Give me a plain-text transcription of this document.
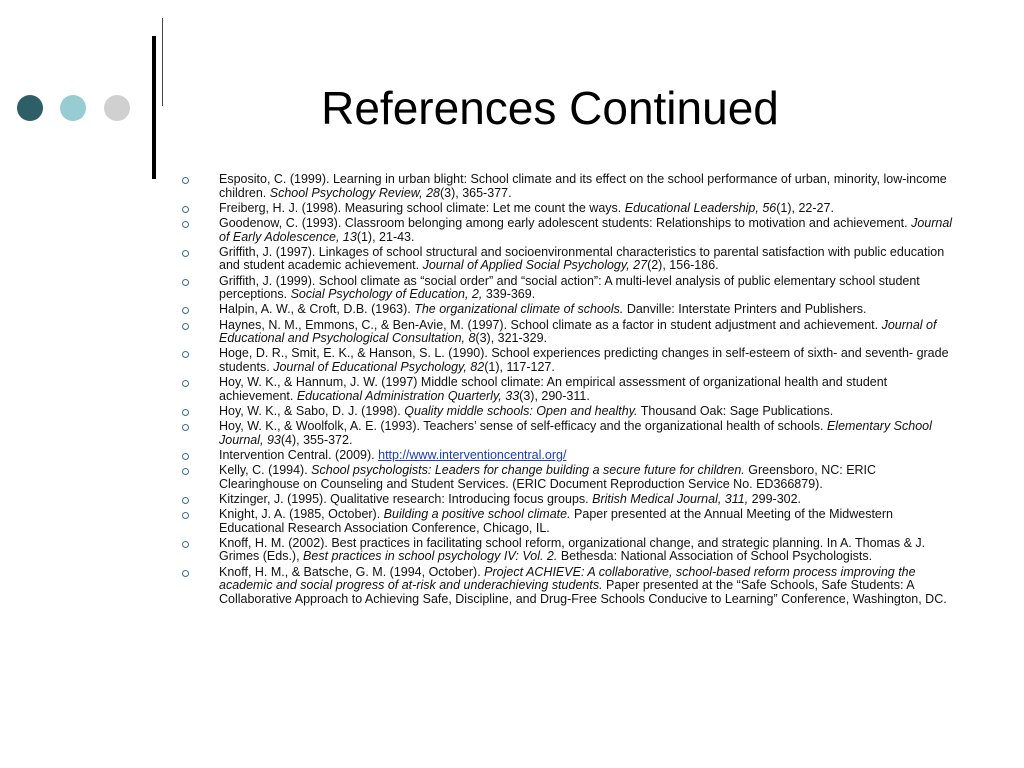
References Continued
Esposito, C. (1999). Learning in urban blight: School climate and its effect on the school performance of urban, minority, low-income children. School Psychology Review, 28(3), 365-377.
Freiberg, H. J. (1998). Measuring school climate: Let me count the ways. Educational Leadership, 56(1), 22-27.
Goodenow, C. (1993). Classroom belonging among early adolescent students: Relationships to motivation and achievement. Journal of Early Adolescence, 13(1), 21-43.
Griffith, J. (1997). Linkages of school structural and socioenvironmental characteristics to parental satisfaction with public education and student academic achievement. Journal of Applied Social Psychology, 27(2), 156-186.
Griffith, J. (1999). School climate as “social order” and “social action”: A multi-level analysis of public elementary school student perceptions. Social Psychology of Education, 2, 339-369.
Halpin, A. W., & Croft, D.B. (1963). The organizational climate of schools. Danville: Interstate Printers and Publishers.
Haynes, N. M., Emmons, C., & Ben-Avie, M. (1997). School climate as a factor in student adjustment and achievement. Journal of Educational and Psychological Consultation, 8(3), 321-329.
Hoge, D. R., Smit, E. K., & Hanson, S. L. (1990). School experiences predicting changes in self-esteem of sixth- and seventh- grade students. Journal of Educational Psychology, 82(1), 117-127.
Hoy, W. K., & Hannum, J. W. (1997) Middle school climate: An empirical assessment of organizational health and student achievement. Educational Administration Quarterly, 33(3), 290-311.
Hoy, W. K., & Sabo, D. J. (1998). Quality middle schools: Open and healthy. Thousand Oak: Sage Publications.
Hoy, W. K., & Woolfolk, A. E. (1993). Teachers’ sense of self-efficacy and the organizational health of schools. Elementary School Journal, 93(4), 355-372.
Intervention Central. (2009). http://www.interventioncentral.org/
Kelly, C. (1994). School psychologists: Leaders for change building a secure future for children. Greensboro, NC: ERIC Clearinghouse on Counseling and Student Services. (ERIC Document Reproduction Service No. ED366879).
Kitzinger, J. (1995). Qualitative research: Introducing focus groups. British Medical Journal, 311, 299-302.
Knight, J. A. (1985, October). Building a positive school climate. Paper presented at the Annual Meeting of the Midwestern Educational Research Association Conference, Chicago, IL.
Knoff, H. M. (2002). Best practices in facilitating school reform, organizational change, and strategic planning. In A. Thomas & J. Grimes (Eds.), Best practices in school psychology IV: Vol. 2. Bethesda: National Association of School Psychologists.
Knoff, H. M., & Batsche, G. M. (1994, October). Project ACHIEVE: A collaborative, school-based reform process improving the academic and social progress of at-risk and underachieving students. Paper presented at the “Safe Schools, Safe Students: A Collaborative Approach to Achieving Safe, Discipline, and Drug-Free Schools Conducive to Learning” Conference, Washington, DC.
